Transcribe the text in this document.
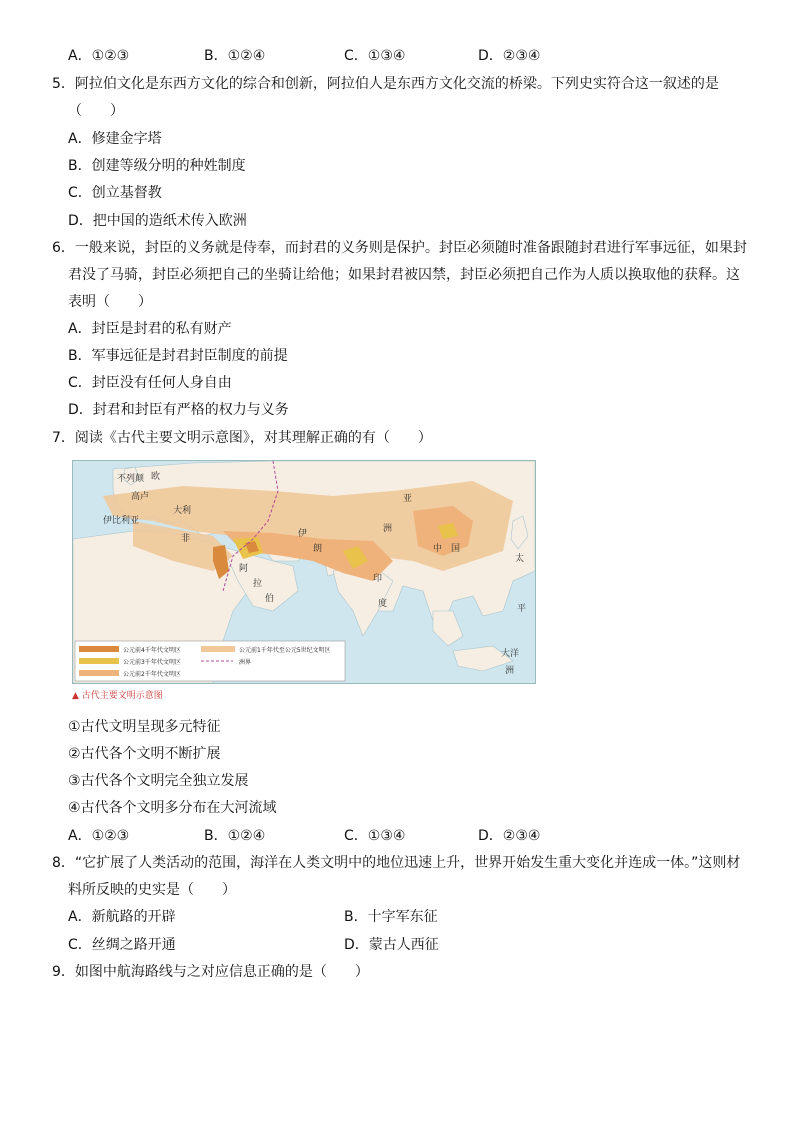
A．①②③	B．①②④	C．①③④	D．②③④
5．阿拉伯文化是东西方文化的综合和创新，阿拉伯人是东西方文化交流的桥梁。下列史实符合这一叙述的是
（　　）
A．修建金字塔
B．创建等级分明的种姓制度
C．创立基督教
D．把中国的造纸术传入欧洲
6．一般来说，封臣的义务就是侍奉，而封君的义务则是保护。封臣必须随时准备跟随封君进行军事远征，如果封
君没了马骑，封臣必须把自己的坐骑让给他；如果封君被囚禁，封臣必须把自己作为人质以换取他的获释。这
表明（　　）
A．封臣是封君的私有财产
B．军事远征是封君封臣制度的前提
C．封臣没有任何人身自由
D．封君和封臣有严格的权力与义务
7．阅读《古代主要文明示意图》，对其理解正确的有（　　）
不列颠 欧
高卢
大利
伊比利亚
伊
朗	中　国
印
度
阿
拉
伯
非
亚
洲
太
平
大洋
洲
公元前4千年代文明区
公元前3千年代文明区
公元前2千年代文明区
公元前1千年代至公元5世纪文明区
洲界
▲ 古代主要文明示意图
①古代文明呈现多元特征
②古代各个文明不断扩展
③古代各个文明完全独立发展
④古代各个文明多分布在大河流域
A．①②③	B．①②④	C．①③④	D．②③④
8．“它扩展了人类活动的范围，海洋在人类文明中的地位迅速上升，世界开始发生重大变化并连成一体。”这则材
料所反映的史实是（　　）
A．新航路的开辟	B．十字军东征
C．丝绸之路开通	D．蒙古人西征
9．如图中航海路线与之对应信息正确的是（　　）
